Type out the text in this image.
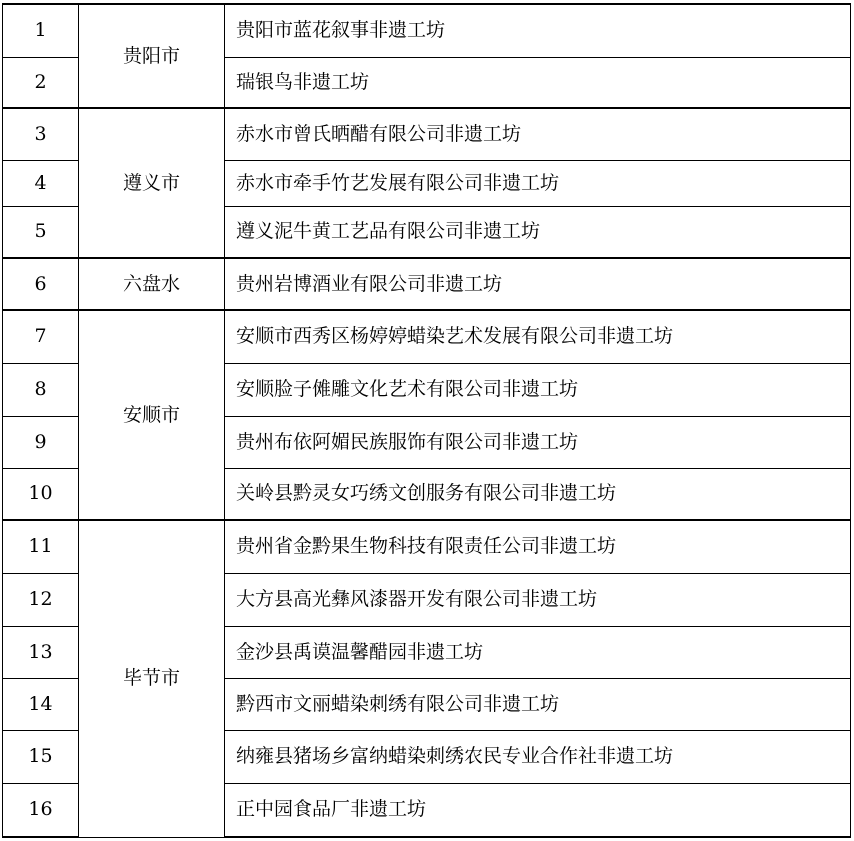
1	贵阳市	贵阳市蓝花叙事非遗工坊
2		瑞银鸟非遗工坊
3	遵义市	赤水市曾氏晒醋有限公司非遗工坊
4		赤水市牵手竹艺发展有限公司非遗工坊
5		遵义泥牛黄工艺品有限公司非遗工坊
6	六盘水	贵州岩博酒业有限公司非遗工坊
7	安顺市	安顺市西秀区杨婷婷蜡染艺术发展有限公司非遗工坊
8		安顺脸子傩雕文化艺术有限公司非遗工坊
9		贵州布依阿媚民族服饰有限公司非遗工坊
10		关岭县黔灵女巧绣文创服务有限公司非遗工坊
11	毕节市	贵州省金黔果生物科技有限责任公司非遗工坊
12		大方县高光彝风漆器开发有限公司非遗工坊
13		金沙县禹谟温馨醋园非遗工坊
14		黔西市文丽蜡染刺绣有限公司非遗工坊
15		纳雍县猪场乡富纳蜡染刺绣农民专业合作社非遗工坊
16		正中园食品厂非遗工坊
